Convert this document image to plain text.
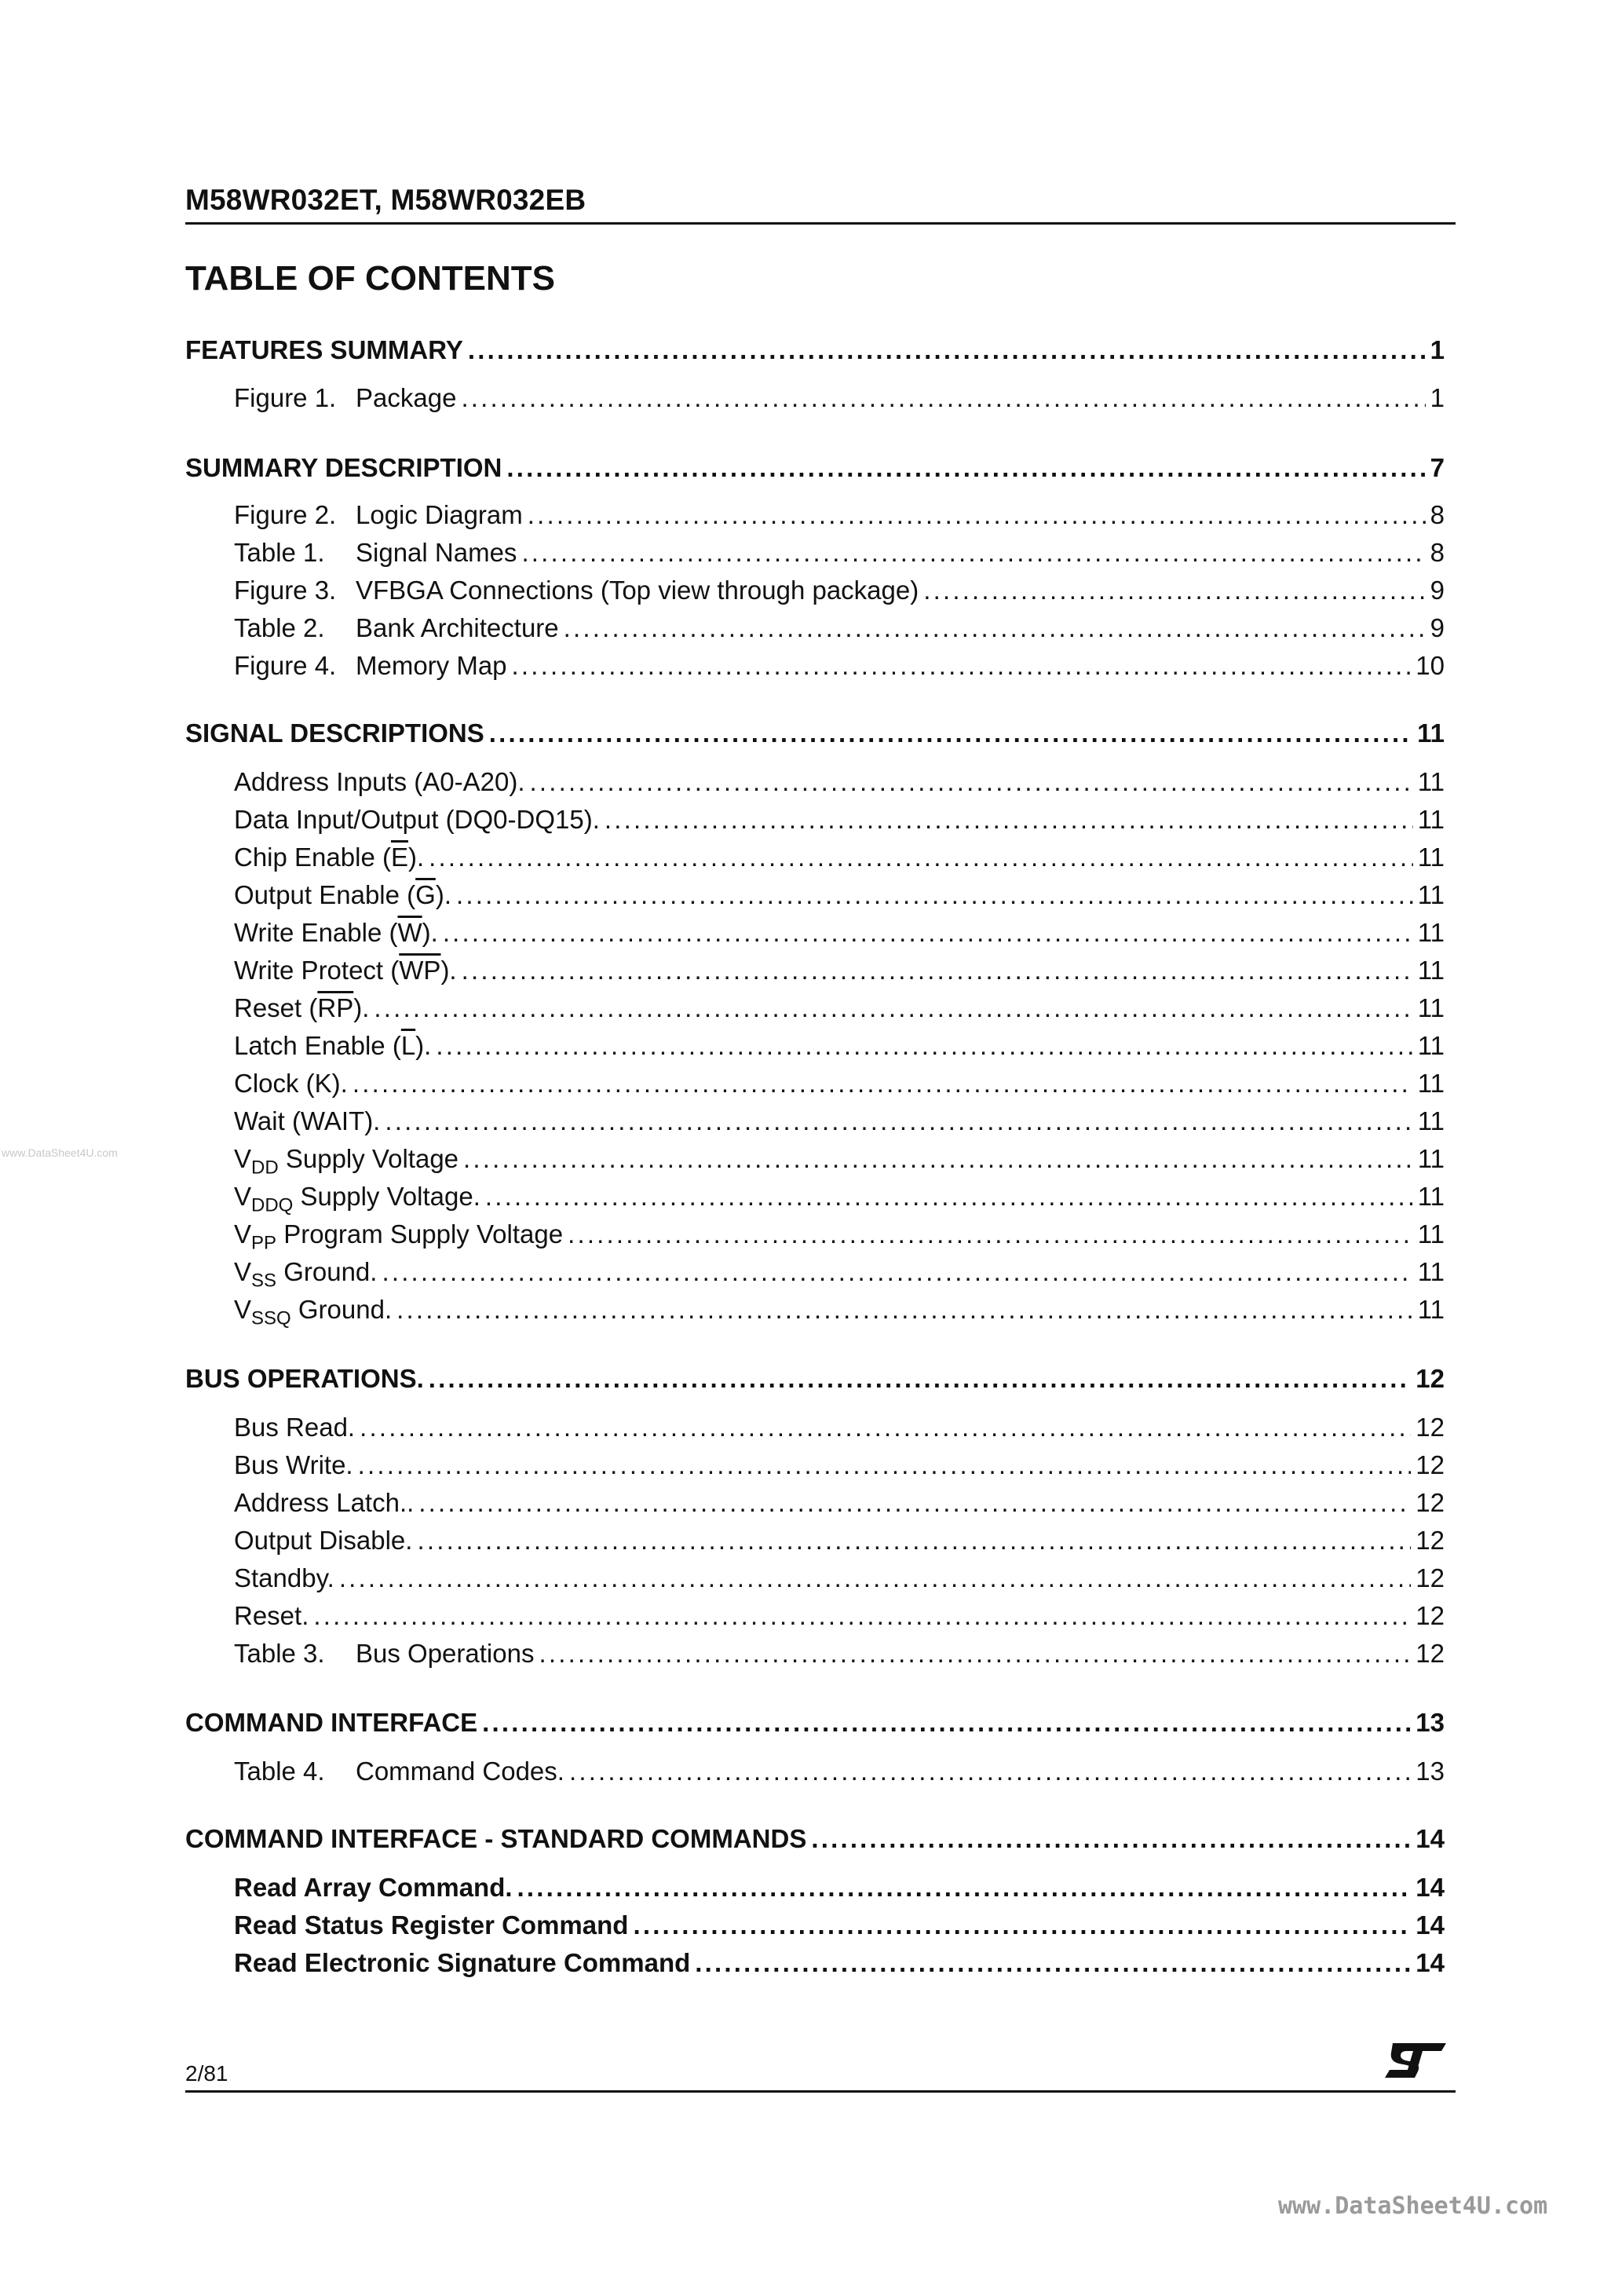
M58WR032ET, M58WR032EB
TABLE OF CONTENTS
www.DataSheet4U.com
FEATURES SUMMARY .....	1
Figure 1. Package .....	1
SUMMARY DESCRIPTION .....	7
Figure 2. Logic Diagram .....	8
Table 1. Signal Names .....	8
Figure 3. VFBGA Connections (Top view through package) .....	9
Table 2. Bank Architecture .....	9
Figure 4. Memory Map .....	10
SIGNAL DESCRIPTIONS .....	11
Address Inputs (A0-A20). .....	11
Data Input/Output (DQ0-DQ15). .....	11
Chip Enable $(\overline{E})$. .....	11
Output Enable $(\overline{G})$. .....	11
Write Enable $(\overline{W})$. .....	11
Write Protect $(\overline{WP})$. .....	11
Reset $(\overline{RP})$. .....	11
Latch Enable $(\overline{L})$. .....	11
Clock (K). .....	11
Wait (WAIT). .....	11
$V_{DD}$ Supply Voltage .....	11
$V_{DDQ}$ Supply Voltage. .....	11
$V_{PP}$ Program Supply Voltage .....	11
$V_{SS}$ Ground. .....	11
$V_{SSQ}$ Ground. .....	11
BUS OPERATIONS. .....	12
Bus Read. .....	12
Bus Write. .....	12
Address Latch.. .....	12
Output Disable. .....	12
Standby. .....	12
Reset. .....	12
Table 3. Bus Operations .....	12
COMMAND INTERFACE .....	13
Table 4. Command Codes. .....	13
COMMAND INTERFACE - STANDARD COMMANDS .....	14
Read Array Command. .....	14
Read Status Register Command .....	14
Read Electronic Signature Command .....	14
2/81
www.DataSheet4U.com
